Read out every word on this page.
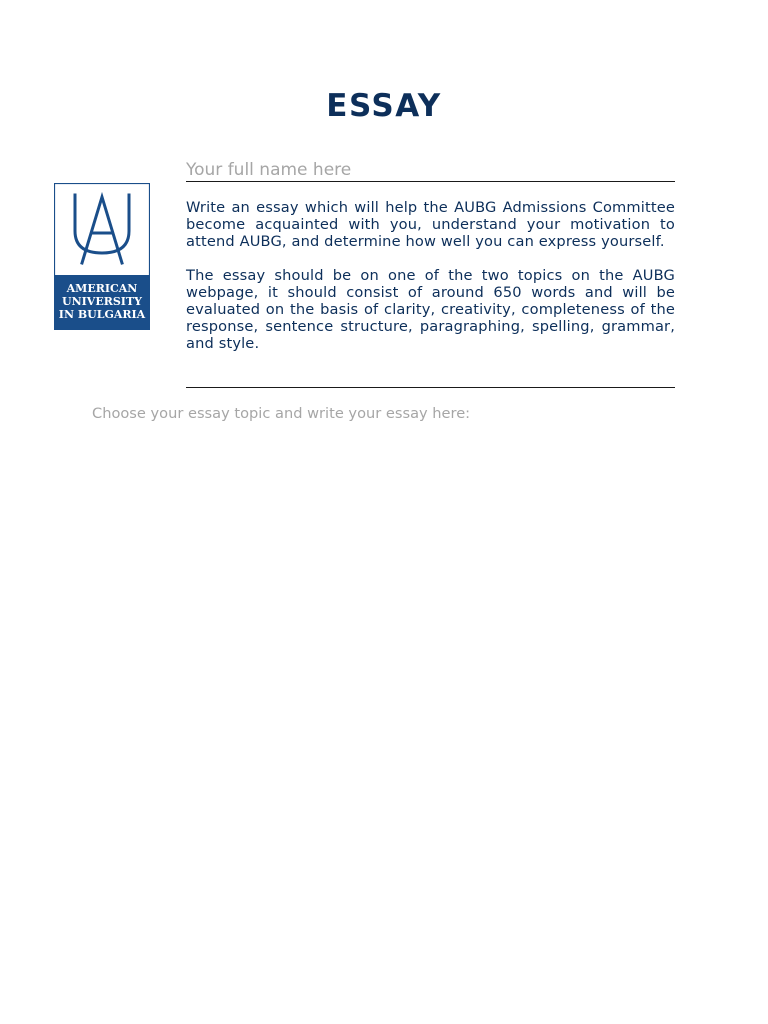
ESSAY
Your full name here
AMERICAN
UNIVERSITY
IN BULGARIA

Write an essay which will help the AUBG Admissions Committee become acquainted with you, understand your motivation to attend AUBG, and determine how well you can express yourself.

The essay should be on one of the two topics on the AUBG webpage, it should consist of around 650 words and will be evaluated on the basis of clarity, creativity, completeness of the response, sentence structure, paragraphing, spelling, grammar, and style.

Choose your essay topic and write your essay here:
